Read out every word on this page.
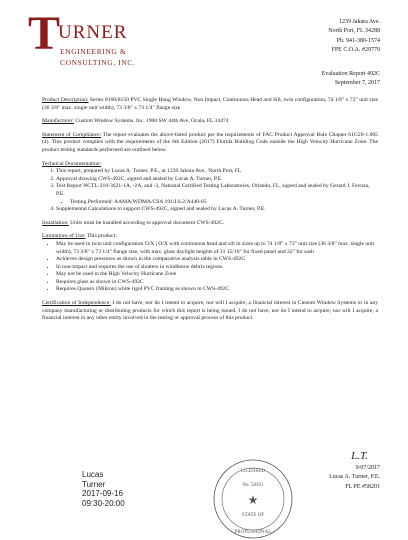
T
URNER
ENGINEERING &
CONSULTING, INC.
1239 Jakara Ave.
North Port, FL 34288
Ph. 941-380-1574
FPE C.O.A. #29779
Evaluation Report 492C
September 7, 2017

Product Description: Series 8100/8150 PVC Single Hung Window, Non Impact, Continuous Head and Sill, twin configuration, 74 1/8" x 72" unit size (36 3/8" max. single unit width), 73 3/8" x 73 1/4" flange size

Manufacturer: Custom Window Systems, Inc. 1900 SW 44th Ave, Ocala, FL 34474

Statement of Compliance: The report evaluates the above-listed product per the requirements of FAC Product Approval Rule Chapter 61G20-1.005 (4). This product complies with the requirements of the 6th Edition (2017) Florida Building Code outside the High Velocity Hurricane Zone. The product testing standards performed are outlined below.

Technical Documentation:
1. This report, prepared by Lucas A. Turner, P.E., at 1239 Jakara Ave., North Port, FL
2. Approval drawing CWS-492C, signed and sealed by Lucas A. Turner, P.E.
3. Test Report NCTL-210-3621-1A, -2A, and -3, National Certified Testing Laboratories, Orlando, FL, signed and sealed by Gerard J. Ferrara, P.E.
• Testing Performed: AAMA/WDMA/CSA 101/I.S.2/A440-05
4. Supplemental Calculations to support CWS-492C, signed and sealed by Lucas A. Turner, P.E.

Installation: Units must be installed according to approval document CWS-492C.

Limitations of Use: This product:
• May be used in twin unit configuration O/X | O/X with continuous head and sill in sizes up to 74 1/8" x 72" unit size (36 3/8" max. single unit width), 73 3/8" x 73 1/4" flange size, with max. glass daylight heights of 31 15/16" for fixed panel and 32" for sash
• Achieves design pressures as shown in the comparative analysis table in CWS-492C
• In non-impact and requires the use of shutters in windborne debris regions
• May not be used in the High Velocity Hurricane Zone
• Requires glass as shown in CWS-492C
• Requires Quanex (Mikron) white rigid PVC framing as shown in CWS-492C

Certification of Independence: I do not have, nor do I intend to acquire, nor will I acquire, a financial interest in Custom Window Systems or in any company manufacturing or distributing products for which this report is being issued. I do not have, nor do I intend to acquire, nor will I acquire, a financial interest in any other entity involved in the testing or approval process of this product.

Lucas
Turner
2017-09-16
09:30-20:00
LICENSED
No. 58201
★
STATE OF
PROFESSIONAL
L.T.
9/07/2017
Lucas A. Turner, P.E.
FL PE #58201
